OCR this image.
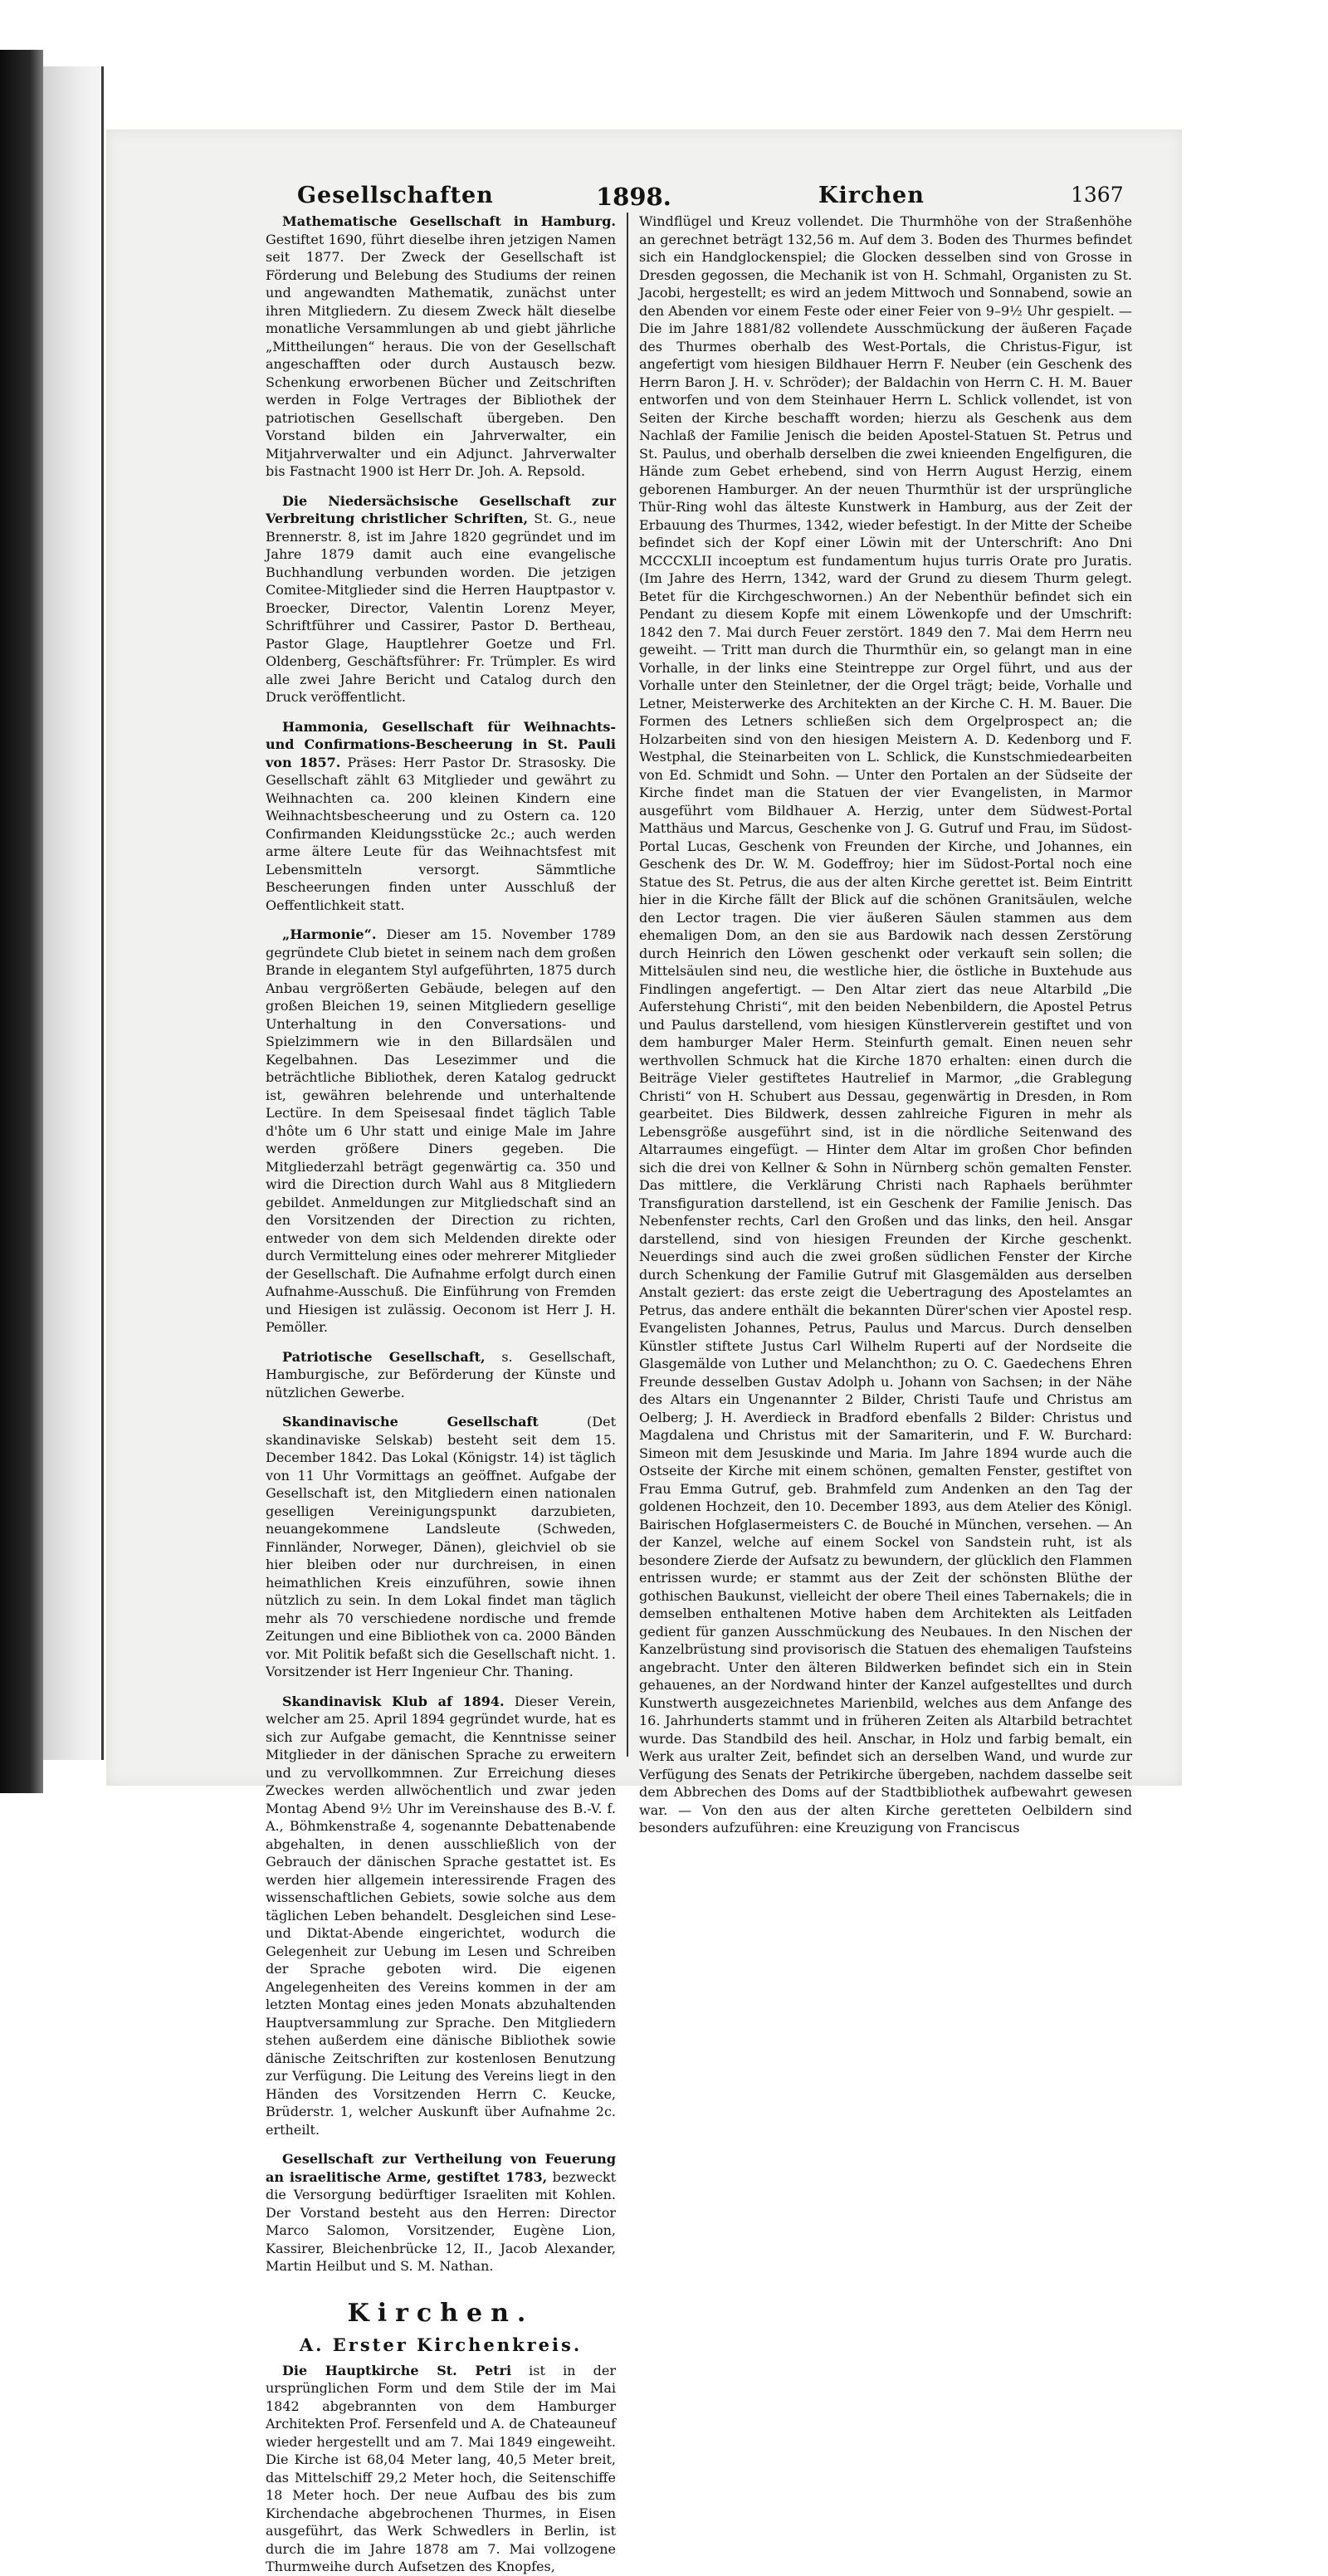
Gesellschaften	1898.	Kirchen	1367

Mathematische Gesellschaft in Hamburg. Gestiftet 1690, führt dieselbe ihren jetzigen Namen seit 1877. Der Zweck der Gesellschaft ist Förderung und Belebung des Studiums der reinen und angewandten Mathematik, zunächst unter ihren Mitgliedern. Zu diesem Zweck hält dieselbe monatliche Versammlungen ab und giebt jährliche „Mittheilungen“ heraus. Die von der Gesellschaft angeschafften oder durch Austausch bezw. Schenkung erworbenen Bücher und Zeitschriften werden in Folge Vertrages der Bibliothek der patriotischen Gesellschaft übergeben. Den Vorstand bilden ein Jahrverwalter, ein Mitjahrverwalter und ein Adjunct. Jahrverwalter bis Fastnacht 1900 ist Herr Dr. Joh. A. Repsold.

Die Niedersächsische Gesellschaft zur Verbreitung christlicher Schriften, St. G., neue Brennerstr. 8, ist im Jahre 1820 gegründet und im Jahre 1879 damit auch eine evangelische Buchhandlung verbunden worden. Die jetzigen Comitee-Mitglieder sind die Herren Hauptpastor v. Broecker, Director, Valentin Lorenz Meyer, Schriftführer und Cassirer, Pastor D. Bertheau, Pastor Glage, Hauptlehrer Goetze und Frl. Oldenberg, Geschäftsführer: Fr. Trümpler. Es wird alle zwei Jahre Bericht und Catalog durch den Druck veröffentlicht.

Hammonia, Gesellschaft für Weihnachts- und Confirmations-Bescheerung in St. Pauli von 1857. Präses: Herr Pastor Dr. Strasosky. Die Gesellschaft zählt 63 Mitglieder und gewährt zu Weihnachten ca. 200 kleinen Kindern eine Weihnachtsbescheerung und zu Ostern ca. 120 Confirmanden Kleidungsstücke 2c.; auch werden arme ältere Leute für das Weihnachtsfest mit Lebensmitteln versorgt. Sämmtliche Bescheerungen finden unter Ausschluß der Oeffentlichkeit statt.

„Harmonie“. Dieser am 15. November 1789 gegründete Club bietet in seinem nach dem großen Brande in elegantem Styl aufgeführten, 1875 durch Anbau vergrößerten Gebäude, belegen auf den großen Bleichen 19, seinen Mitgliedern gesellige Unterhaltung in den Conversations- und Spielzimmern wie in den Billardsälen und Kegelbahnen. Das Lesezimmer und die beträchtliche Bibliothek, deren Katalog gedruckt ist, gewähren belehrende und unterhaltende Lectüre. In dem Speisesaal findet täglich Table d'hôte um 6 Uhr statt und einige Male im Jahre werden größere Diners gegeben. Die Mitgliederzahl beträgt gegenwärtig ca. 350 und wird die Direction durch Wahl aus 8 Mitgliedern gebildet. Anmeldungen zur Mitgliedschaft sind an den Vorsitzenden der Direction zu richten, entweder von dem sich Meldenden direkte oder durch Vermittelung eines oder mehrerer Mitglieder der Gesellschaft. Die Aufnahme erfolgt durch einen Aufnahme-Ausschuß. Die Einführung von Fremden und Hiesigen ist zulässig. Oeconom ist Herr J. H. Pemöller.

Patriotische Gesellschaft, s. Gesellschaft, Hamburgische, zur Beförderung der Künste und nützlichen Gewerbe.

Skandinavische Gesellschaft	(Det skandinaviske Selskab) besteht seit dem 15. December 1842. Das Lokal (Königstr. 14) ist täglich von 11 Uhr Vormittags an geöffnet. Aufgabe der Gesellschaft ist, den Mitgliedern einen nationalen geselligen Vereinigungspunkt darzubieten, neuangekommene Landsleute (Schweden, Finnländer, Norweger, Dänen), gleichviel ob sie hier bleiben oder nur durchreisen, in einen heimathlichen Kreis einzuführen, sowie ihnen nützlich zu sein. In dem Lokal findet man täglich mehr als 70 verschiedene nordische und fremde Zeitungen und eine Bibliothek von ca. 2000 Bänden vor. Mit Politik befaßt sich die Gesellschaft nicht. 1. Vorsitzender ist Herr Ingenieur Chr. Thaning.

Skandinavisk Klub af 1894. Dieser Verein, welcher am 25. April 1894 gegründet wurde, hat es sich zur Aufgabe gemacht, die Kenntnisse seiner Mitglieder in der dänischen Sprache zu erweitern und zu vervollkommnen. Zur Erreichung dieses Zweckes werden allwöchentlich und zwar jeden Montag Abend 9½ Uhr im Vereinshause des B.-V. f. A., Böhmkenstraße 4, sogenannte Debattenabende abgehalten, in denen ausschließlich von der Gebrauch der dänischen Sprache gestattet ist. Es werden hier allgemein interessirende Fragen des wissenschaftlichen Gebiets, sowie solche aus dem täglichen Leben behandelt. Desgleichen sind Lese- und Diktat-Abende eingerichtet, wodurch die Gelegenheit zur Uebung im Lesen und Schreiben der Sprache geboten wird. Die eigenen Angelegenheiten des Vereins kommen in der am letzten Montag eines jeden Monats abzuhaltenden Hauptversammlung zur Sprache. Den Mitgliedern stehen außerdem eine dänische Bibliothek sowie dänische Zeitschriften zur kostenlosen Benutzung zur Verfügung. Die Leitung des Vereins liegt in den Händen des Vorsitzenden Herrn C. Keucke, Brüderstr. 1, welcher Auskunft über Aufnahme 2c. ertheilt.

Gesellschaft zur Vertheilung von Feuerung an israelitische Arme, gestiftet 1783, bezweckt die Versorgung bedürftiger Israeliten mit Kohlen. Der Vorstand besteht aus den Herren: Director Marco Salomon, Vorsitzender, Eugène Lion, Kassirer, Bleichenbrücke 12, II., Jacob Alexander, Martin Heilbut und S. M. Nathan.

Kirchen.
A. Erster Kirchenkreis.

Die Hauptkirche St. Petri ist in der ursprünglichen Form und dem Stile der im Mai 1842 abgebrannten von dem Hamburger Architekten Prof. Fersenfeld und A. de Chateauneuf wieder hergestellt und am 7. Mai 1849 eingeweiht. Die Kirche ist 68,04 Meter lang, 40,5 Meter breit, das Mittelschiff 29,2 Meter hoch, die Seitenschiffe 18 Meter hoch. Der neue Aufbau des bis zum Kirchendache abgebrochenen Thurmes, in Eisen ausgeführt, das Werk Schwedlers in Berlin, ist durch die im Jahre 1878 am 7. Mai vollzogene Thurmweihe durch Aufsetzen des Knopfes,

Windflügel und Kreuz vollendet. Die Thurmhöhe von der Straßenhöhe an gerechnet beträgt 132,56 m. Auf dem 3. Boden des Thurmes befindet sich ein Handglockenspiel; die Glocken desselben sind von Grosse in Dresden gegossen, die Mechanik ist von H. Schmahl, Organisten zu St. Jacobi, hergestellt; es wird an jedem Mittwoch und Sonnabend, sowie an den Abenden vor einem Feste oder einer Feier von 9–9½ Uhr gespielt. — Die im Jahre 1881/82 vollendete Ausschmückung der äußeren Façade des Thurmes oberhalb des West-Portals, die Christus-Figur, ist angefertigt vom hiesigen Bildhauer Herrn F. Neuber (ein Geschenk des Herrn Baron J. H. v. Schröder); der Baldachin von Herrn C. H. M. Bauer entworfen und von dem Steinhauer Herrn L. Schlick vollendet, ist von Seiten der Kirche beschafft worden; hierzu als Geschenk aus dem Nachlaß der Familie Jenisch die beiden Apostel-Statuen St. Petrus und St. Paulus, und oberhalb derselben die zwei knieenden Engelfiguren, die Hände zum Gebet erhebend, sind von Herrn August Herzig, einem geborenen Hamburger. An der neuen Thurmthür ist der ursprüngliche Thür-Ring wohl das älteste Kunstwerk in Hamburg, aus der Zeit der Erbauung des Thurmes, 1342, wieder befestigt. In der Mitte der Scheibe befindet sich der Kopf einer Löwin mit der Unterschrift: Ano Dni MCCCXLII incoeptum est fundamentum hujus turris Orate pro Juratis. (Im Jahre des Herrn, 1342, ward der Grund zu diesem Thurm gelegt. Betet für die Kirchgeschwornen.) An der Nebenthür befindet sich ein Pendant zu diesem Kopfe mit einem Löwenkopfe und der Umschrift: 1842 den 7. Mai durch Feuer zerstört. 1849 den 7. Mai dem Herrn neu geweiht. — Tritt man durch die Thurmthür ein, so gelangt man in eine Vorhalle, in der links eine Steintreppe zur Orgel führt, und aus der Vorhalle unter den Steinletner, der die Orgel trägt; beide, Vorhalle und Letner, Meisterwerke des Architekten an der Kirche C. H. M. Bauer. Die Formen des Letners schließen sich dem Orgelprospect an; die Holzarbeiten sind von den hiesigen Meistern A. D. Kedenborg und F. Westphal, die Steinarbeiten von L. Schlick, die Kunstschmiedearbeiten von Ed. Schmidt und Sohn. — Unter den Portalen an der Südseite der Kirche findet man die Statuen der vier Evangelisten, in Marmor ausgeführt vom Bildhauer A. Herzig, unter dem Südwest-Portal Matthäus und Marcus, Geschenke von J. G. Gutruf und Frau, im Südost-Portal Lucas, Geschenk von Freunden der Kirche, und Johannes, ein Geschenk des Dr. W. M. Godeffroy; hier im Südost-Portal noch eine Statue des St. Petrus, die aus der alten Kirche gerettet ist. Beim Eintritt hier in die Kirche fällt der Blick auf die schönen Granitsäulen, welche den Lector tragen. Die vier äußeren Säulen stammen aus dem ehemaligen Dom, an den sie aus Bardowik nach dessen Zerstörung durch Heinrich den Löwen geschenkt oder verkauft sein sollen; die Mittelsäulen sind neu, die westliche hier, die östliche in Buxtehude aus Findlingen angefertigt. — Den Altar ziert das neue Altarbild „Die Auferstehung Christi“, mit den beiden Nebenbildern, die Apostel Petrus und Paulus darstellend, vom hiesigen Künstlerverein gestiftet und von dem hamburger Maler Herm. Steinfurth gemalt. Einen neuen sehr werthvollen Schmuck hat die Kirche 1870 erhalten: einen durch die Beiträge Vieler gestiftetes Hautrelief in Marmor, „die Grablegung Christi“ von H. Schubert aus Dessau, gegenwärtig in Dresden, in Rom gearbeitet. Dies Bildwerk, dessen zahlreiche Figuren in mehr als Lebensgröße ausgeführt sind, ist in die nördliche Seitenwand des Altarraumes eingefügt. — Hinter dem Altar im großen Chor befinden sich die drei von Kellner & Sohn in Nürnberg schön gemalten Fenster. Das mittlere, die Verklärung Christi nach Raphaels berühmter Transfiguration darstellend, ist ein Geschenk der Familie Jenisch. Das Nebenfenster rechts, Carl den Großen und das links, den heil. Ansgar darstellend, sind von hiesigen Freunden der Kirche geschenkt. Neuerdings sind auch die zwei großen südlichen Fenster der Kirche durch Schenkung der Familie Gutruf mit Glasgemälden aus derselben Anstalt geziert: das erste zeigt die Uebertragung des Apostelamtes an Petrus, das andere enthält die bekannten Dürer'schen vier Apostel resp. Evangelisten Johannes, Petrus, Paulus und Marcus. Durch denselben Künstler stiftete Justus Carl Wilhelm Ruperti auf der Nordseite die Glasgemälde von Luther und Melanchthon; zu O. C. Gaedechens Ehren Freunde desselben Gustav Adolph u. Johann von Sachsen; in der Nähe des Altars ein Ungenannter 2 Bilder, Christi Taufe und Christus am Oelberg; J. H. Averdieck in Bradford ebenfalls 2 Bilder: Christus und Magdalena und Christus mit der Samariterin, und F. W. Burchard: Simeon mit dem Jesuskinde und Maria. Im Jahre 1894 wurde auch die Ostseite der Kirche mit einem schönen, gemalten Fenster, gestiftet von Frau Emma Gutruf, geb. Brahmfeld zum Andenken an den Tag der goldenen Hochzeit, den 10. December 1893, aus dem Atelier des Königl. Bairischen Hofglasermeisters C. de Bouché in München, versehen. — An der Kanzel, welche auf einem Sockel von Sandstein ruht, ist als besondere Zierde der Aufsatz zu bewundern, der glücklich den Flammen entrissen wurde; er stammt aus der Zeit der schönsten Blüthe der gothischen Baukunst, vielleicht der obere Theil eines Tabernakels; die in demselben enthaltenen Motive haben dem Architekten als Leitfaden gedient für ganzen Ausschmückung des Neubaues. In den Nischen der Kanzelbrüstung sind provisorisch die Statuen des ehemaligen Taufsteins angebracht. Unter den älteren Bildwerken befindet sich ein in Stein gehauenes, an der Nordwand hinter der Kanzel aufgestelltes und durch Kunstwerth ausgezeichnetes Marienbild, welches aus dem Anfange des 16. Jahrhunderts stammt und in früheren Zeiten als Altarbild betrachtet wurde. Das Standbild des heil. Anschar, in Holz und farbig bemalt, ein Werk aus uralter Zeit, befindet sich an derselben Wand, und wurde zur Verfügung des Senats der Petrikirche übergeben, nachdem dasselbe seit dem Abbrechen des Doms auf der Stadtbibliothek aufbewahrt gewesen war. — Von den aus der alten Kirche geretteten Oelbildern sind besonders aufzuführen: eine Kreuzigung von Franciscus
